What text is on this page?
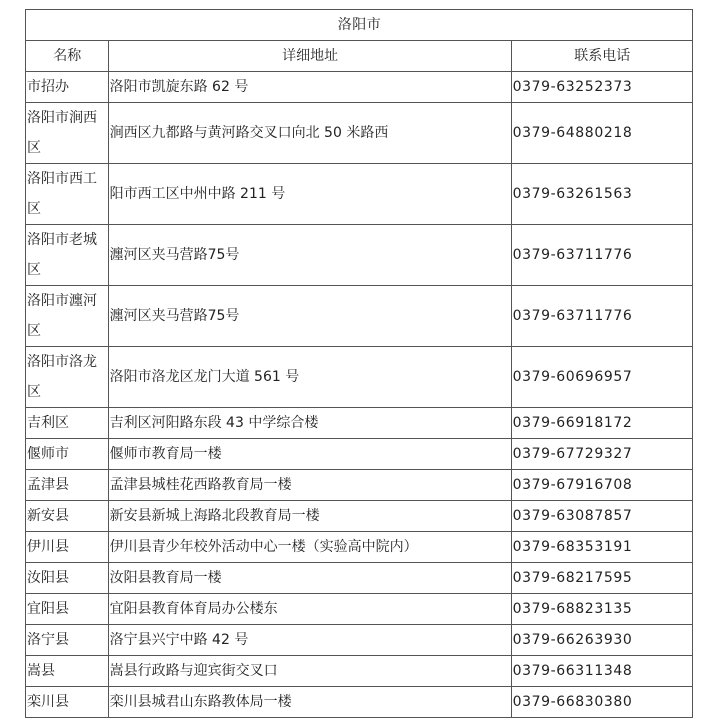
洛阳市		
名称	详细地址	联系电话
市招办	洛阳市凯旋东路 62 号	0379-63252373
洛阳市涧西区	涧西区九都路与黄河路交叉口向北 50 米路西	0379-64880218
洛阳市西工区	阳市西工区中州中路 211 号	0379-63261563
洛阳市老城区	瀍河区夹马营路75号	0379-63711776
洛阳市瀍河区	瀍河区夹马营路75号	0379-63711776
洛阳市洛龙区	洛阳市洛龙区龙门大道 561 号	0379-60696957
吉利区	吉利区河阳路东段 43 中学综合楼	0379-66918172
偃师市	偃师市教育局一楼	0379-67729327
孟津县	孟津县城桂花西路教育局一楼	0379-67916708
新安县	新安县新城上海路北段教育局一楼	0379-63087857
伊川县	伊川县青少年校外活动中心一楼（实验高中院内）	0379-68353191
汝阳县	汝阳县教育局一楼	0379-68217595
宜阳县	宜阳县教育体育局办公楼东	0379-68823135
洛宁县	洛宁县兴宁中路 42 号	0379-66263930
嵩县	嵩县行政路与迎宾街交叉口	0379-66311348
栾川县	栾川县城君山东路教体局一楼	0379-66830380
